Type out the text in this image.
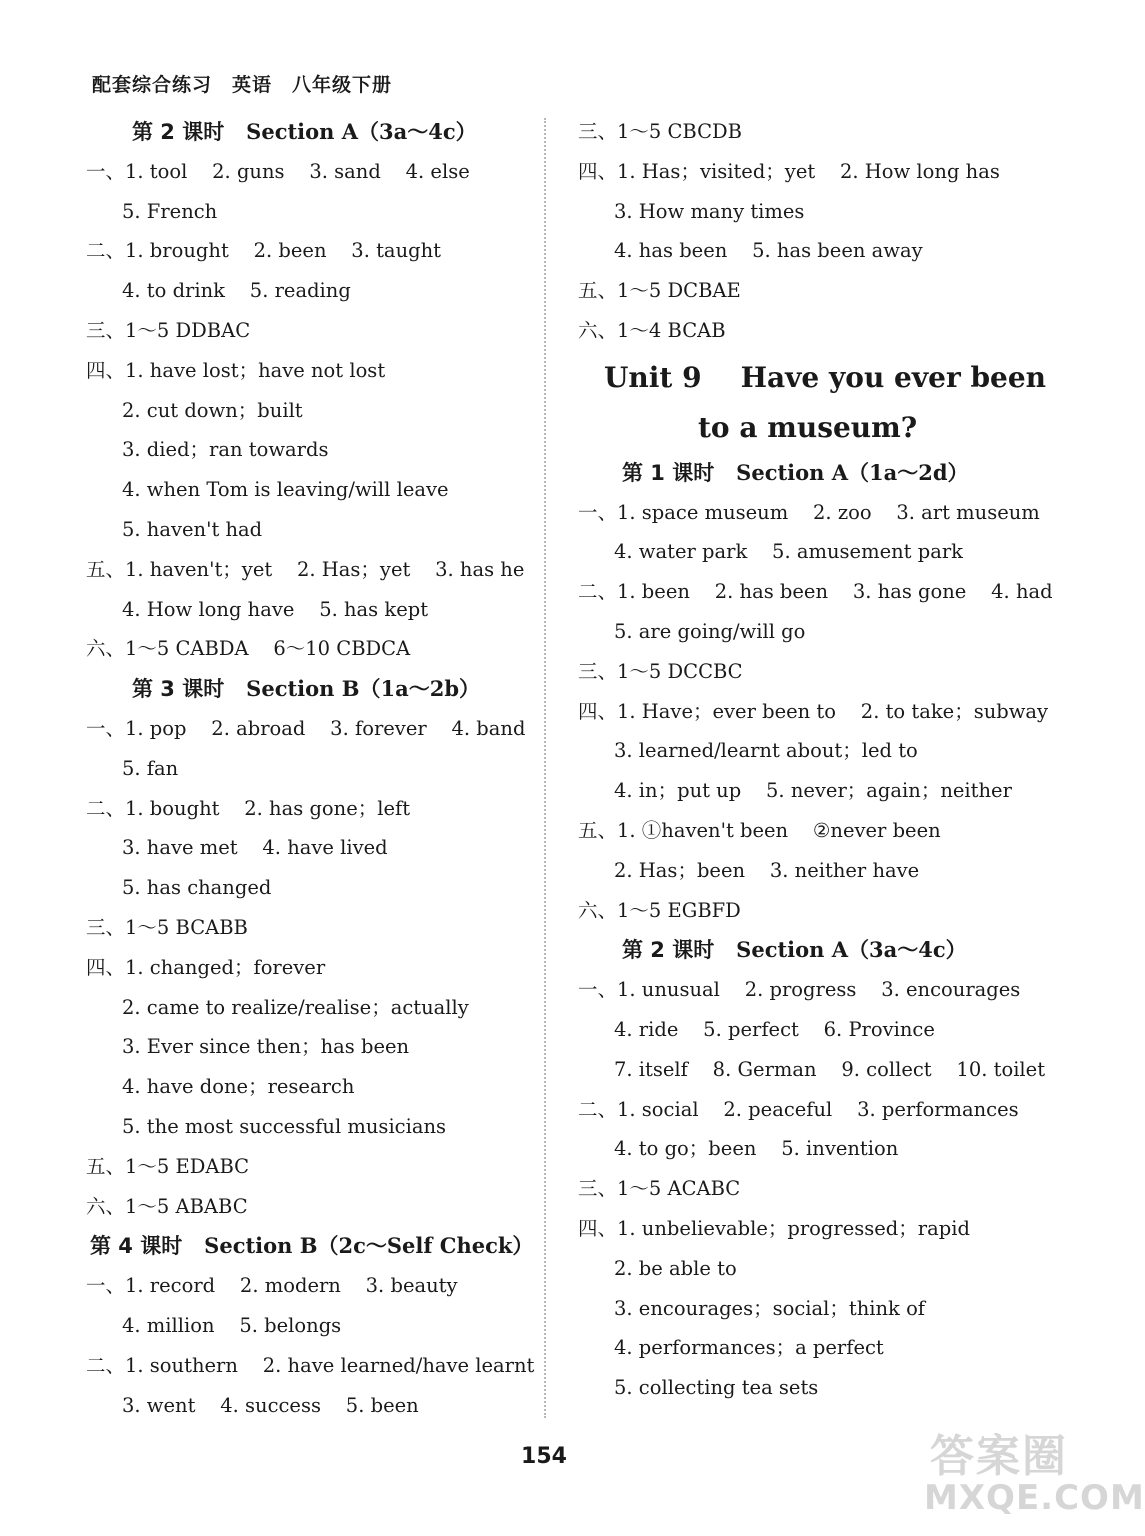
配套综合练习　英语　八年级下册
第 2 课时 Section A（3a～4c）
一、1. tool    2. guns    3. sand    4. else
5. French
二、1. brought    2. been    3. taught
4. to drink    5. reading
三、1～5 DDBAC
四、1. have lost；have not lost
2. cut down；built
3. died；ran towards
4. when Tom is leaving/will leave
5. haven't had
五、1. haven't；yet    2. Has；yet    3. has he
4. How long have    5. has kept
六、1～5 CABDA    6～10 CBDCA
第 3 课时 Section B（1a～2b）
一、1. pop    2. abroad    3. forever    4. band
5. fan
二、1. bought    2. has gone；left
3. have met    4. have lived
5. has changed
三、1～5 BCABB
四、1. changed；forever
2. came to realize/realise；actually
3. Ever since then；has been
4. have done；research
5. the most successful musicians
五、1～5 EDABC
六、1～5 ABABC
第 4 课时 Section B（2c～Self Check）
一、1. record    2. modern    3. beauty
4. million    5. belongs
二、1. southern    2. have learned/have learnt
3. went    4. success    5. been
三、1～5 CBCDB
四、1. Has；visited；yet    2. How long has
3. How many times
4. has been    5. has been away
五、1～5 DCBAE
六、1～4 BCAB
Unit 9    Have you ever been
to a museum?
第 1 课时 Section A（1a～2d）
一、1. space museum    2. zoo    3. art museum
4. water park    5. amusement park
二、1. been    2. has been    3. has gone    4. had
5. are going/will go
三、1～5 DCCBC
四、1. Have；ever been to    2. to take；subway
3. learned/learnt about；led to
4. in；put up    5. never；again；neither
五、1. ①haven't been    ②never been
2. Has；been    3. neither have
六、1～5 EGBFD
第 2 课时 Section A（3a～4c）
一、1. unusual    2. progress    3. encourages
4. ride    5. perfect    6. Province
7. itself    8. German    9. collect    10. toilet
二、1. social    2. peaceful    3. performances
4. to go；been    5. invention
三、1～5 ACABC
四、1. unbelievable；progressed；rapid
2. be able to
3. encourages；social；think of
4. performances；a perfect
5. collecting tea sets
154	答案圈
MXQE.COM
